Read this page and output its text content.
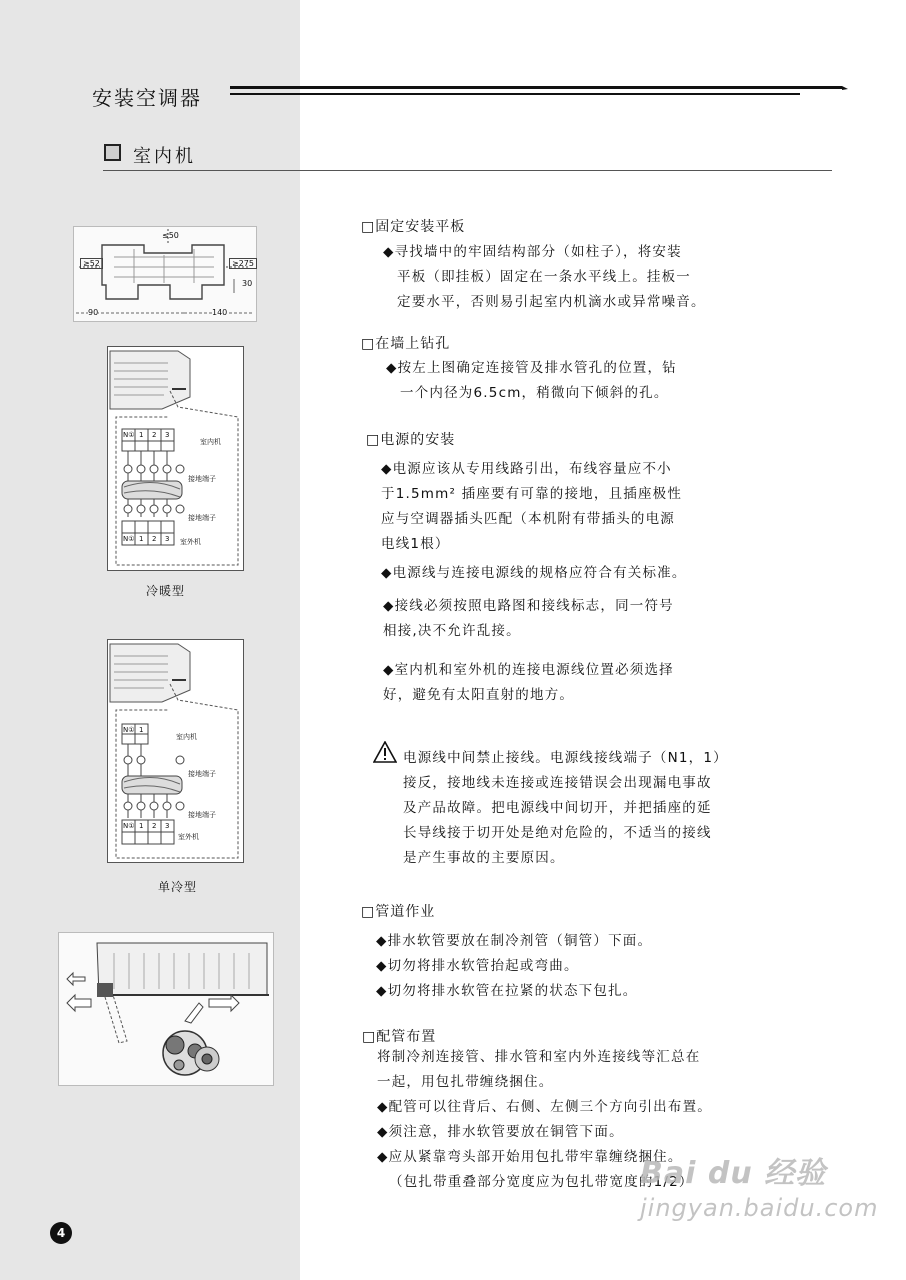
安装空调器
室内机
≤50
≥52	≥275
30
90	140
室内机
接地端子
接地端子
室外机
N① 1 2 3
N① 1 2 3
冷暖型
室内机
接地端子
接地端子
室外机
N① 1
N① 1 2 3
单冷型
□固定安装平板
◆寻找墙中的牢固结构部分（如柱子），将安装
平板（即挂板）固定在一条水平线上。挂板一
定要水平，否则易引起室内机滴水或异常噪音。
□在墙上钻孔
◆按左上图确定连接管及排水管孔的位置，钻
一个内径为6.5cm，稍微向下倾斜的孔。
□电源的安装
◆电源应该从专用线路引出，布线容量应不小
于1.5mm² 插座要有可靠的接地，且插座极性
应与空调器插头匹配（本机附有带插头的电源
电线1根）
◆电源线与连接电源线的规格应符合有关标准。
◆接线必须按照电路图和接线标志，同一符号
相接,决不允许乱接。
◆室内机和室外机的连接电源线位置必须选择
好，避免有太阳直射的地方。
电源线中间禁止接线。电源线接线端子（N1，1）
接反，接地线未连接或连接错误会出现漏电事故
及产品故障。把电源线中间切开，并把插座的延
长导线接于切开处是绝对危险的，不适当的接线
是产生事故的主要原因。
□管道作业
◆排水软管要放在制冷剂管（铜管）下面。
◆切勿将排水软管抬起或弯曲。
◆切勿将排水软管在拉紧的状态下包扎。
□配管布置
将制冷剂连接管、排水管和室内外连接线等汇总在
一起，用包扎带缠绕捆住。
◆配管可以往背后、右侧、左侧三个方向引出布置。
◆须注意，排水软管要放在铜管下面。
◆应从紧靠弯头部开始用包扎带牢靠缠绕捆住。
（包扎带重叠部分宽度应为包扎带宽度的1/2）
4
Bai du 经验
jingyan.baidu.com
